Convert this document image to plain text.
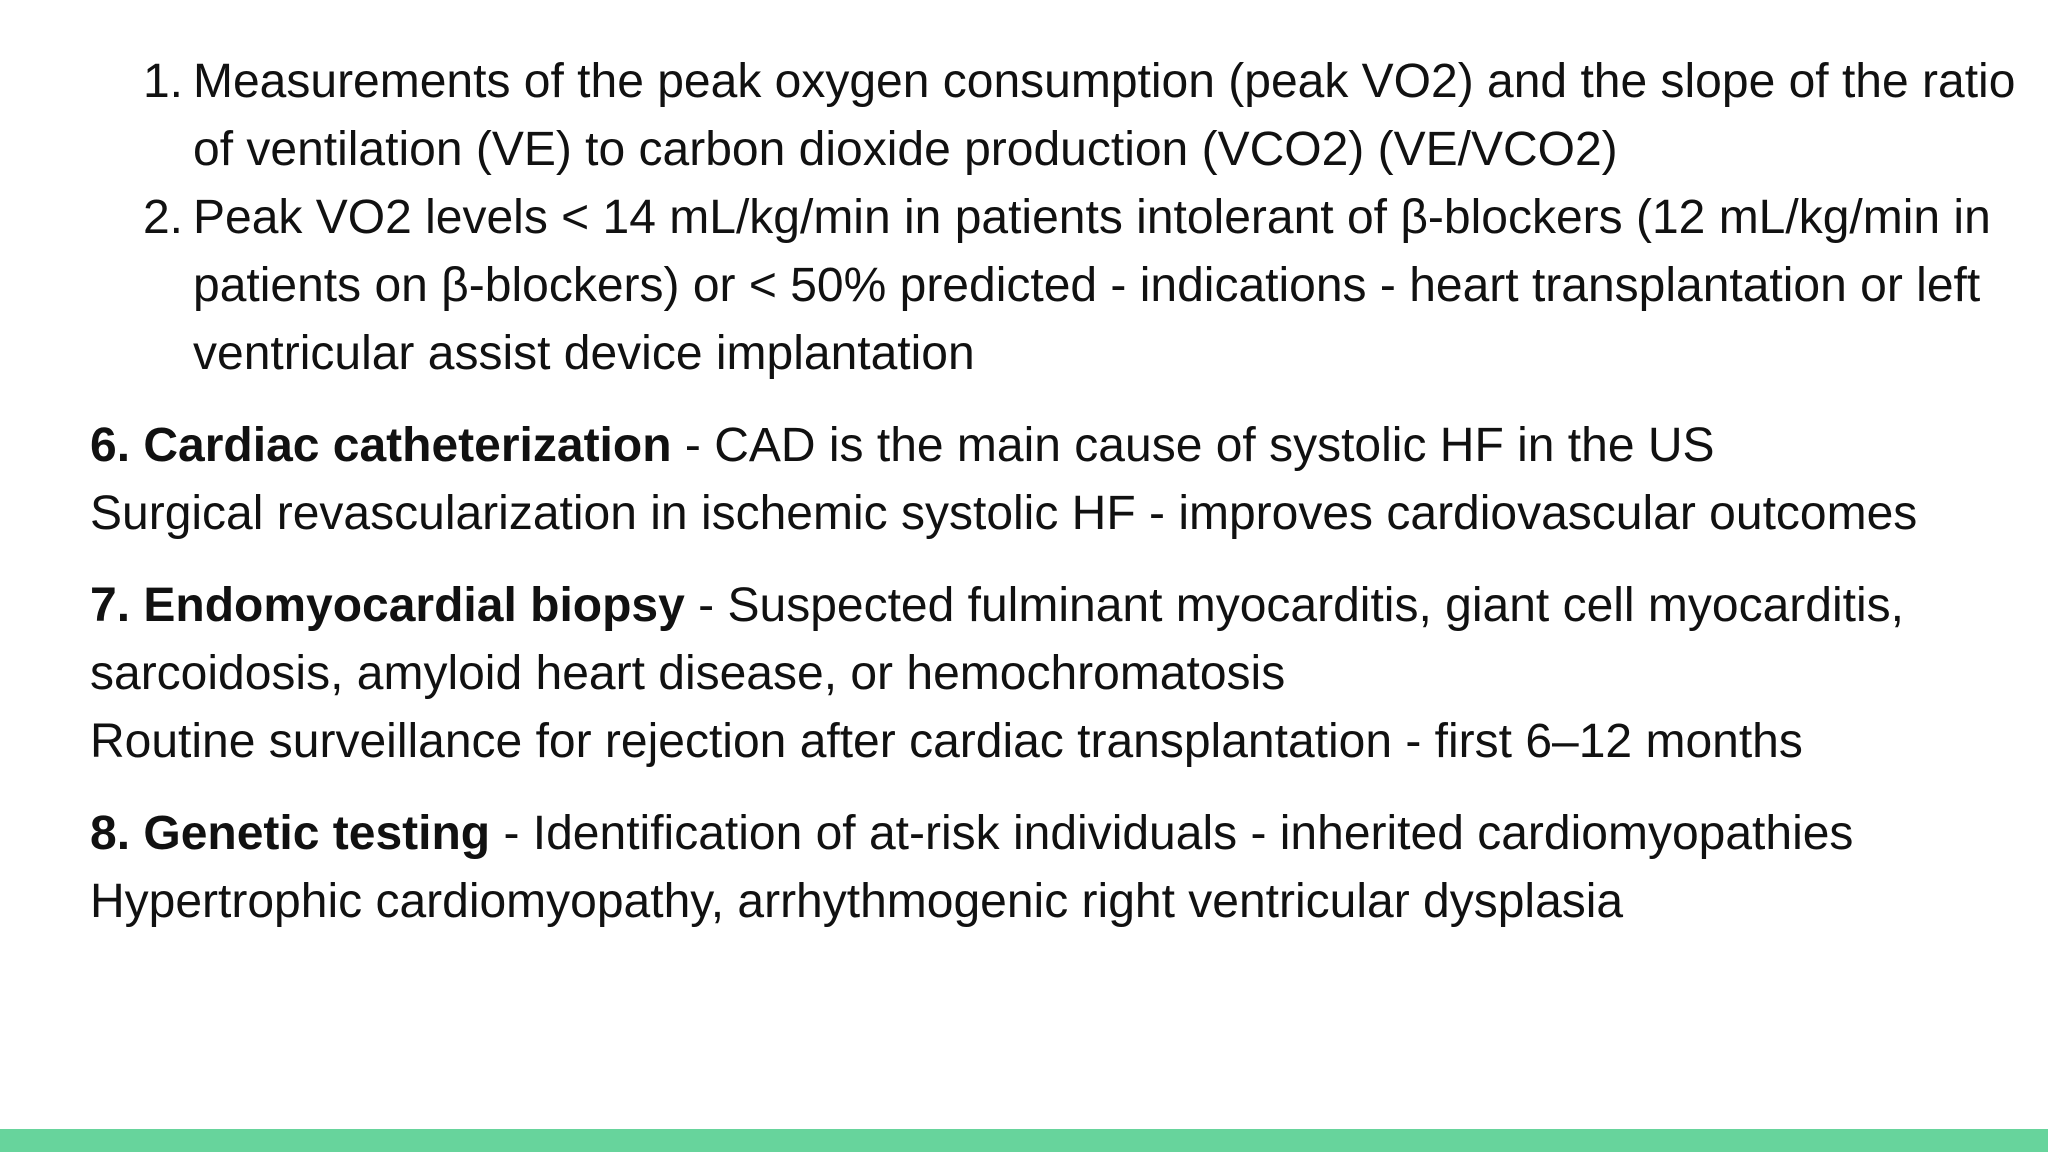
1. Measurements of the peak oxygen consumption (peak VO2) and the slope of the ratio of ventilation (VE) to carbon dioxide production (VCO2) (VE/VCO2)
2. Peak VO2 levels < 14 mL/kg/min in patients intolerant of β-blockers (12 mL/kg/min in patients on β-blockers) or < 50% predicted - indications - heart transplantation or left ventricular assist device implantation

6. Cardiac catheterization - CAD is the main cause of systolic HF in the US

Surgical revascularization in ischemic systolic HF - improves cardiovascular outcomes

7. Endomyocardial biopsy - Suspected fulminant myocarditis, giant cell myocarditis, sarcoidosis, amyloid heart disease, or hemochromatosis

Routine surveillance for rejection after cardiac transplantation - first 6–12 months

8. Genetic testing - Identification of at-risk individuals - inherited cardiomyopathies

Hypertrophic cardiomyopathy, arrhythmogenic right ventricular dysplasia
